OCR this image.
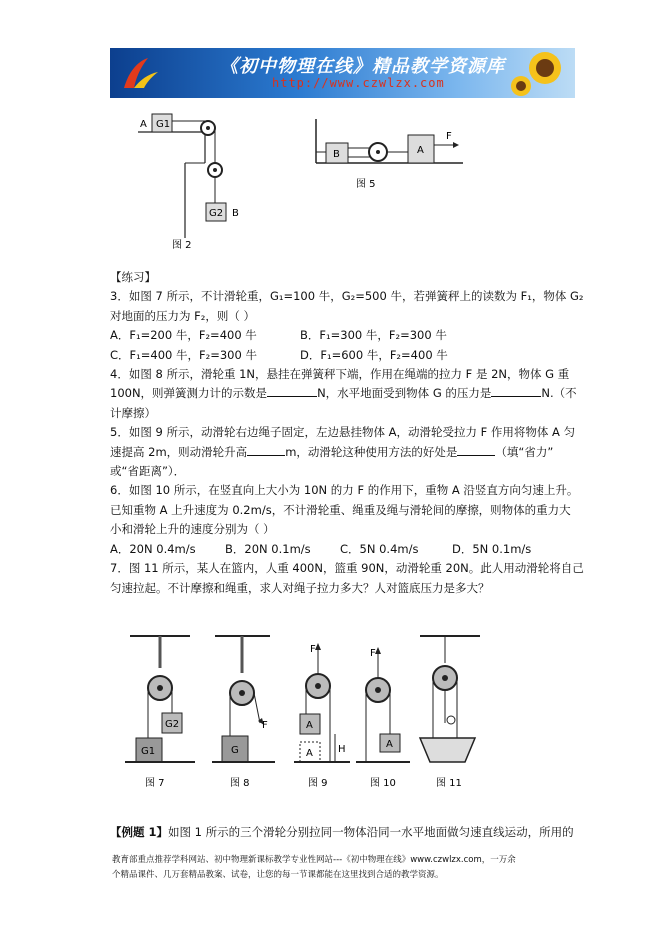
《初中物理在线》精品教学资源库
http://www.czwlzx.com
G1
A
G2 B
图 2
B	A
F
图 5

【练习】

3．如图 7 所示，不计滑轮重，G₁=100 牛，G₂=500 牛，若弹簧秤上的读数为 F₁，物体 G₂

对地面的压力为 F₂，则（ ）

A．F₁=200 牛，F₂=400 牛	B．F₁=300 牛，F₂=300 牛

C．F₁=400 牛，F₂=300 牛	D．F₁=600 牛，F₂=400 牛

4．如图 8 所示，滑轮重 1N，悬挂在弹簧秤下端，作用在绳端的拉力 F 是 2N，物体 G 重

100N，则弹簧测力计的示数是	N，水平地面受到物体 G 的压力是	N.（不

计摩擦）

5．如图 9 所示，动滑轮右边绳子固定，左边悬挂物体 A，动滑轮受拉力 F 作用将物体 A 匀

速提高 2m，则动滑轮升高	m，动滑轮这种使用方法的好处是	（填“省力”

或“省距离”）．

6．如图 10 所示，在竖直向上大小为 10N 的力 F 的作用下，重物 A 沿竖直方向匀速上升。

已知重物 A 上升速度为 0.2m/s，不计滑轮重、绳重及绳与滑轮间的摩擦，则物体的重力大

小和滑轮上升的速度分别为（ ）

A．20N 0.4m/s	B．20N 0.1m/s	C．5N 0.4m/s	D．5N 0.1m/s

7．图 11 所示，某人在篮内，人重 400N，篮重 90N，动滑轮重 20N。此人用动滑轮将自己

匀速拉起。不计摩擦和绳重，求人对绳子拉力多大？人对篮底压力是多大？

G2
G1
图 7
F
G
图 8
F
A
A	H
图 9
F
A
图 10	图 11

【例题 1】如图 1 所示的三个滑轮分别拉同一物体沿同一水平地面做匀速直线运动，所用的

教育部重点推荐学科网站、初中物理新课标教学专业性网站---《初中物理在线》www.czwlzx.com，一万余

个精品课件、几万套精品教案、试卷，让您的每一节课都能在这里找到合适的教学资源。
